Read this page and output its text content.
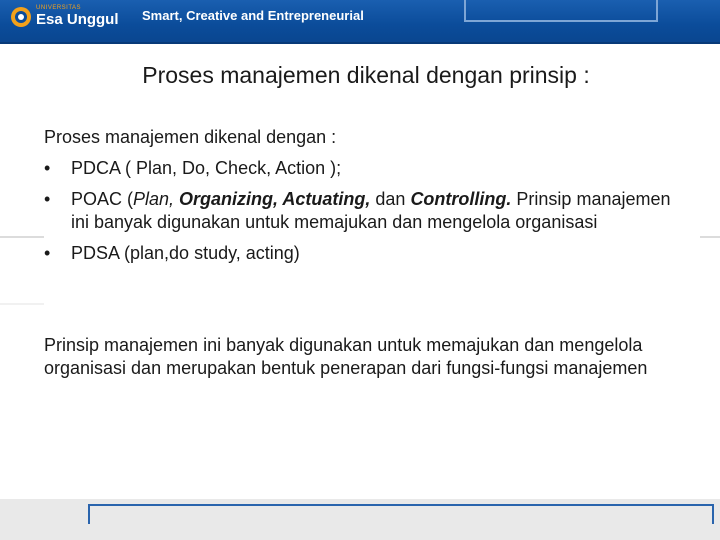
UNIVERSITAS
Esa Unggul Smart, Creative and Entrepreneurial
Proses manajemen dikenal dengan prinsip :

Proses manajemen dikenal dengan :

• PDCA ( Plan, Do, Check, Action );
• POAC (Plan, Organizing, Actuating, dan Controlling. Prinsip manajemen ini banyak digunakan untuk memajukan dan mengelola organisasi
• PDSA (plan,do study, acting)

Prinsip manajemen ini banyak digunakan untuk memajukan dan mengelola organisasi dan merupakan bentuk penerapan dari fungsi-fungsi manajemen
